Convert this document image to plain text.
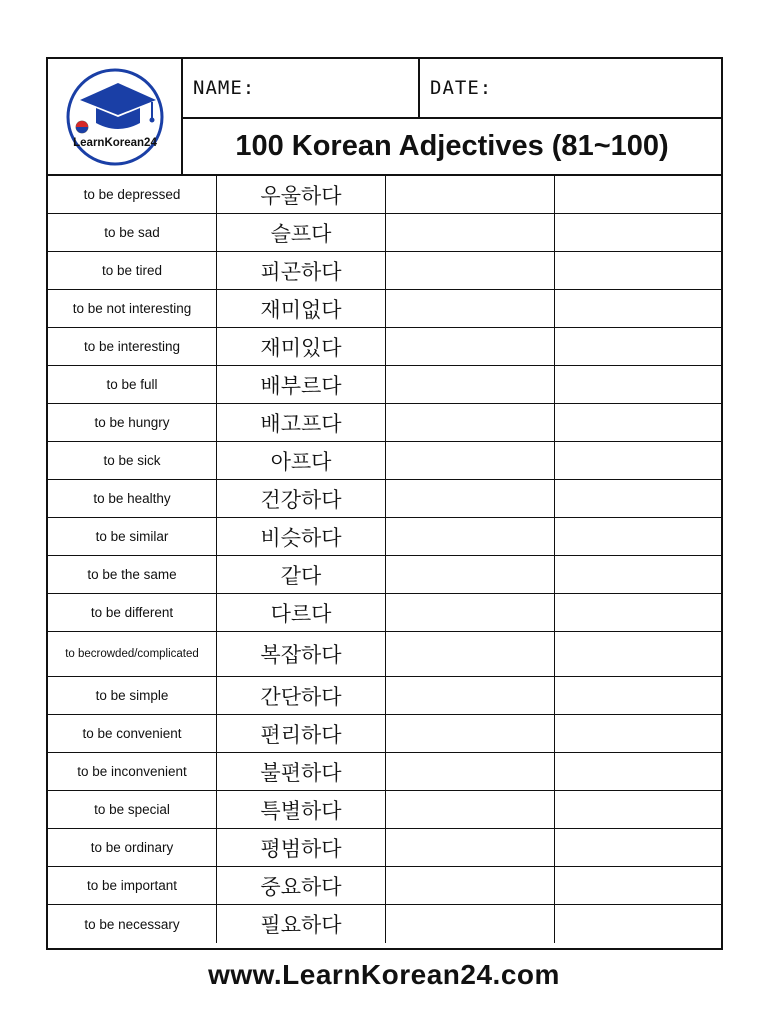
LearnKorean24
NAME:	DATE:
100 Korean Adjectives (81~100)
to be depressed	우울하다
to be sad	슬프다
to be tired	피곤하다
to be not interesting	재미없다
to be interesting	재미있다
to be full	배부르다
to be hungry	배고프다
to be sick	아프다
to be healthy	건강하다
to be similar	비슷하다
to be the same	같다
to be different	다르다
to be crowded/complicated	복잡하다
to be simple	간단하다
to be convenient	편리하다
to be inconvenient	불편하다
to be special	특별하다
to be ordinary	평범하다
to be important	중요하다
to be necessary	필요하다
www.LearnKorean24.com
